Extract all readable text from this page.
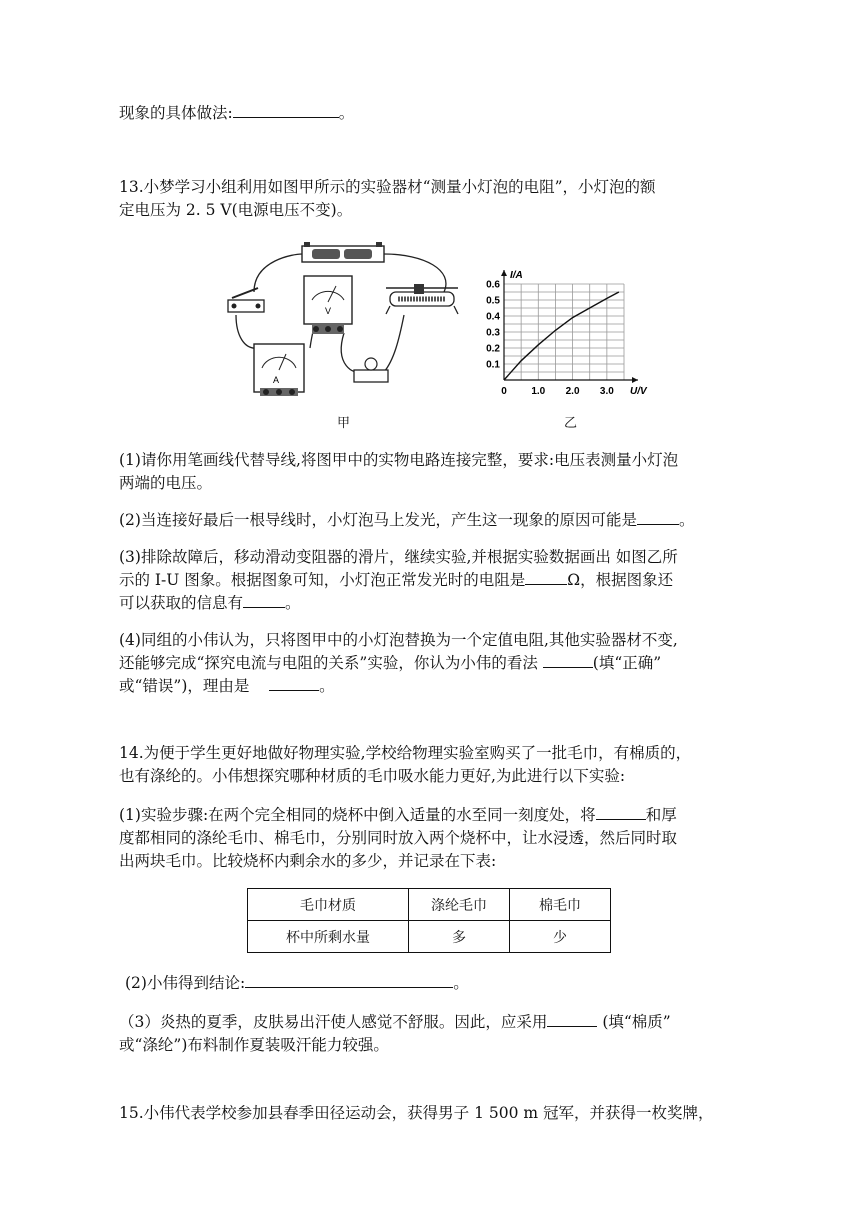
现象的具体做法:	。
13.小梦学习小组利用如图甲所示的实验器材“测量小灯泡的电阻”，小灯泡的额
定电压为 2. 5 V(电源电压不变)。
V
A
甲
0 1.0 2.0 3.0
0.1
0.2
0.3
0.4
0.5
0.6
U/V
I/A
乙
(1)请你用笔画线代替导线,将图甲中的实物电路连接完整，要求:电压表测量小灯泡
两端的电压。
(2)当连接好最后一根导线时，小灯泡马上发光，产生这一现象的原因可能是	。
(3)排除故障后，移动滑动变阻器的滑片，继续实验,并根据实验数据画出 如图乙所
示的 I-U 图象。根据图象可知，小灯泡正常发光时的电阻是	Ω，根据图象还
可以获取的信息有	。
(4)同组的小伟认为，只将图甲中的小灯泡替换为一个定值电阻,其他实验器材不变,
还能够完成“探究电流与电阻的关系”实验，你认为小伟的看法	(填“正确”
或“错误”)，理由是	。
14.为便于学生更好地做好物理实验,学校给物理实验室购买了一批毛巾，有棉质的，
也有涤纶的。小伟想探究哪种材质的毛巾吸水能力更好,为此进行以下实验:
(1)实验步骤:在两个完全相同的烧杯中倒入适量的水至同一刻度处，将	和厚
度都相同的涤纶毛巾、棉毛巾，分别同时放入两个烧杯中，让水浸透，然后同时取
出两块毛巾。比较烧杯内剩余水的多少，并记录在下表:
毛巾材质	涤纶毛巾	棉毛巾
杯中所剩水量	多	少
(2)小伟得到结论:	。
（3）炎热的夏季，皮肤易出汗使人感觉不舒服。因此，应采用	(填“棉质”
或“涤纶”)布料制作夏装吸汗能力较强。
15.小伟代表学校参加县春季田径运动会，获得男子 1 500 m 冠军，并获得一枚奖牌，
